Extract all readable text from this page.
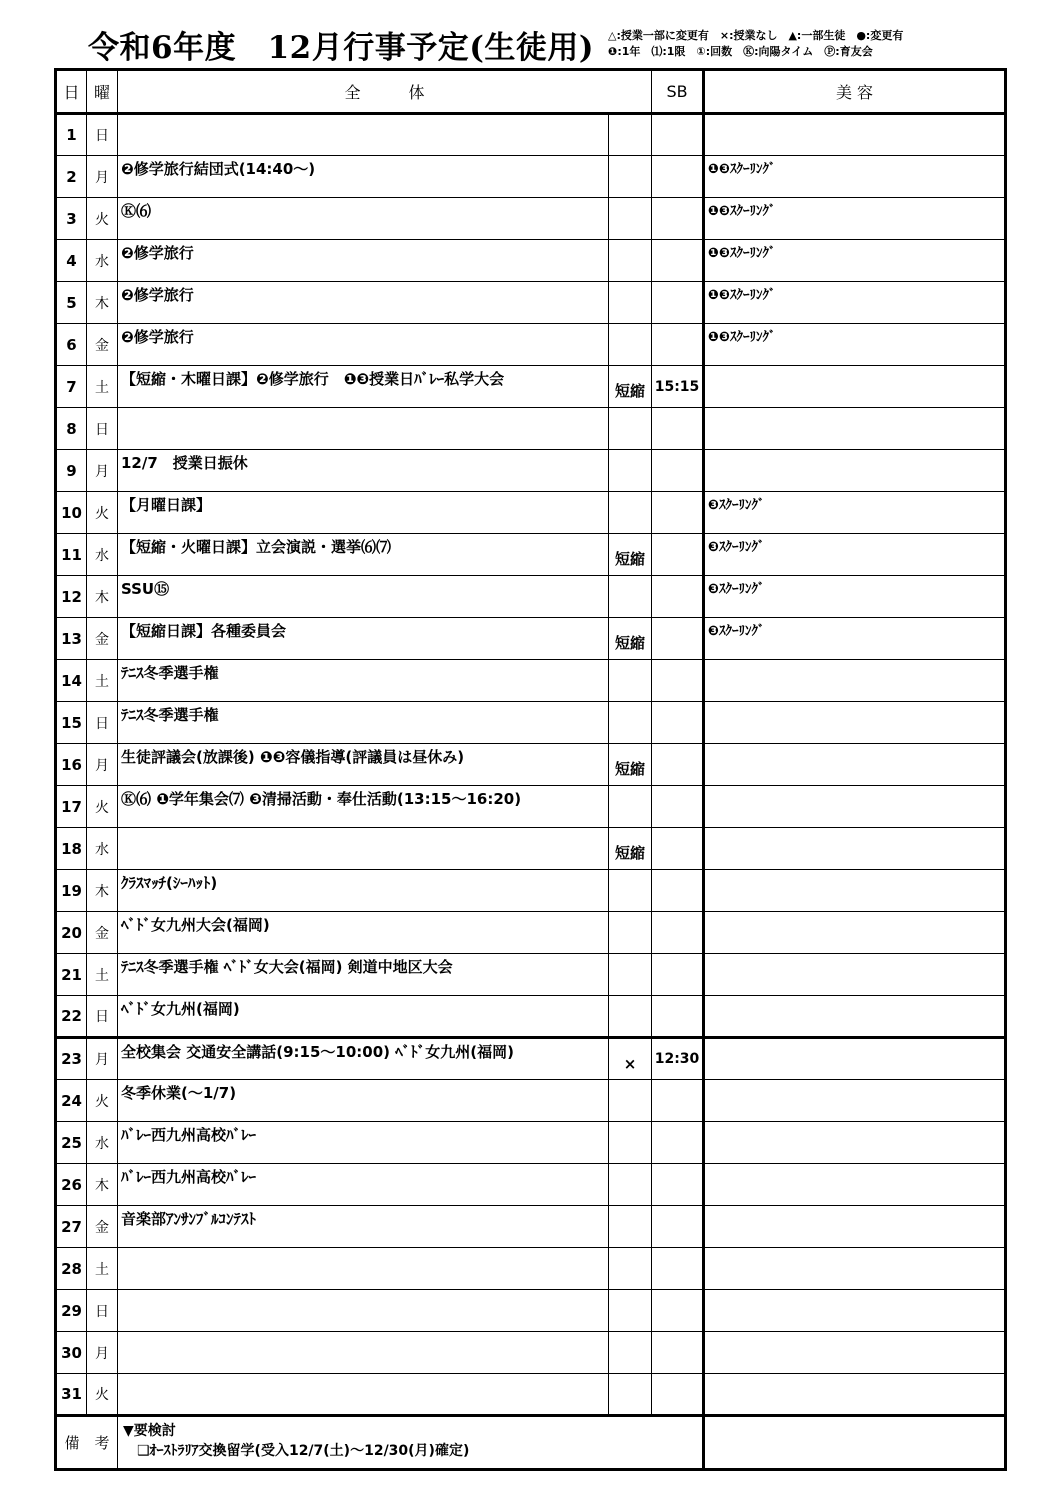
令和6年度　12月行事予定(生徒用) △:授業一部に変更有　×:授業なし　▲:一部生徒　●:変更有
❶:1年　⑴:1限　①:回数　Ⓚ:向陽タイム　Ⓟ:育友会
日	曜	全　　　体		SB	美 容
1	日				
2	月	❷修学旅行結団式(14:40～)			❶❸ｽｸｰﾘﾝｸﾞ
3	火	Ⓚ⑹			❶❸ｽｸｰﾘﾝｸﾞ
4	水	❷修学旅行			❶❸ｽｸｰﾘﾝｸﾞ
5	木	❷修学旅行			❶❸ｽｸｰﾘﾝｸﾞ
6	金	❷修学旅行			❶❸ｽｸｰﾘﾝｸﾞ
7	土	【短縮・木曜日課】❷修学旅行　❶❸授業日ﾊﾞﾚｰ私学大会	短縮	15:15	
8	日				
9	月	12/7　授業日振休			
10	火	【月曜日課】			❸ｽｸｰﾘﾝｸﾞ
11	水	【短縮・火曜日課】立会演説・選挙⑹⑺	短縮		❸ｽｸｰﾘﾝｸﾞ
12	木	SSU⑮			❸ｽｸｰﾘﾝｸﾞ
13	金	【短縮日課】各種委員会	短縮		❸ｽｸｰﾘﾝｸﾞ
14	土	ﾃﾆｽ冬季選手権			
15	日	ﾃﾆｽ冬季選手権			
16	月	生徒評議会(放課後) ❶❸容儀指導(評議員は昼休み)	短縮		
17	火	Ⓚ⑹ ❶学年集会⑺ ❸清掃活動・奉仕活動(13:15～16:20)			
18	水		短縮		
19	木	ｸﾗｽﾏｯﾁ(ｼｰﾊｯﾄ)			
20	金	ﾍﾞﾄﾞ女九州大会(福岡)			
21	土	ﾃﾆｽ冬季選手権 ﾍﾞﾄﾞ女大会(福岡) 剣道中地区大会			
22	日	ﾍﾞﾄﾞ女九州(福岡)			
23	月	全校集会 交通安全講話(9:15～10:00) ﾍﾞﾄﾞ女九州(福岡)	×	12:30	
24	火	冬季休業(～1/7)			
25	水	ﾊﾞﾚｰ西九州高校ﾊﾞﾚｰ			
26	木	ﾊﾞﾚｰ西九州高校ﾊﾞﾚｰ			
27	金	音楽部ｱﾝｻﾝﾌﾞﾙｺﾝﾃｽﾄ			
28	土				
29	日				
30	月				
31	火				
備　考		▼要検討
　❑ｵｰｽﾄﾗﾘｱ交換留学(受入12/7(土)～12/30(月)確定)			
